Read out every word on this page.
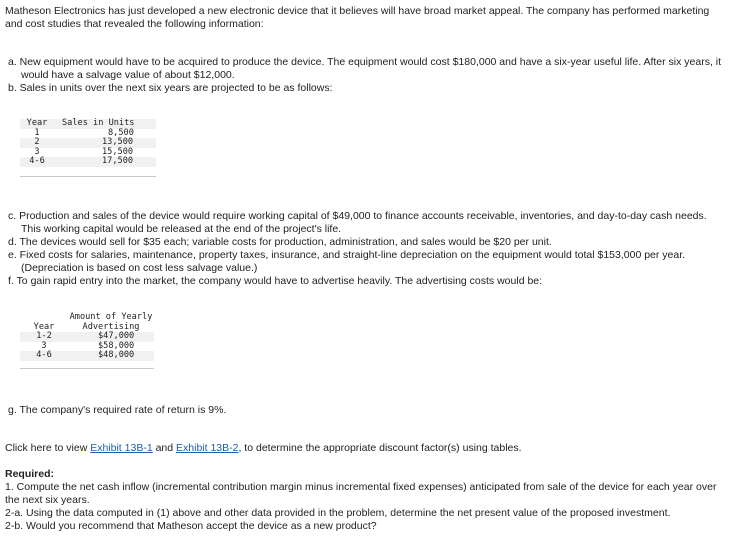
Matheson Electronics has just developed a new electronic device that it believes will have broad market appeal. The company has performed marketing and cost studies that revealed the following information:

a. New equipment would have to be acquired to produce the device. The equipment would cost $180,000 and have a six-year useful life. After six years, it would have a salvage value of about $12,000.

b. Sales in units over the next six years are projected to be as follows:

Year	Sales in Units
1	8,500
2	13,500
3	15,500
4-6	17,500

c. Production and sales of the device would require working capital of $49,000 to finance accounts receivable, inventories, and day-to-day cash needs. This working capital would be released at the end of the project's life.

d. The devices would sell for $35 each; variable costs for production, administration, and sales would be $20 per unit.

e. Fixed costs for salaries, maintenance, property taxes, insurance, and straight-line depreciation on the equipment would total $153,000 per year. (Depreciation is based on cost less salvage value.)

f. To gain rapid entry into the market, the company would have to advertise heavily. The advertising costs would be:

	Amount of Yearly
Year	Advertising
1-2	$47,000
3	$58,000
4-6	$48,000

g. The company's required rate of return is 9%.

Click here to view Exhibit 13B-1 and Exhibit 13B-2, to determine the appropriate discount factor(s) using tables.

Required:

1. Compute the net cash inflow (incremental contribution margin minus incremental fixed expenses) anticipated from sale of the device for each year over the next six years.

2-a. Using the data computed in (1) above and other data provided in the problem, determine the net present value of the proposed investment.

2-b. Would you recommend that Matheson accept the device as a new product?
